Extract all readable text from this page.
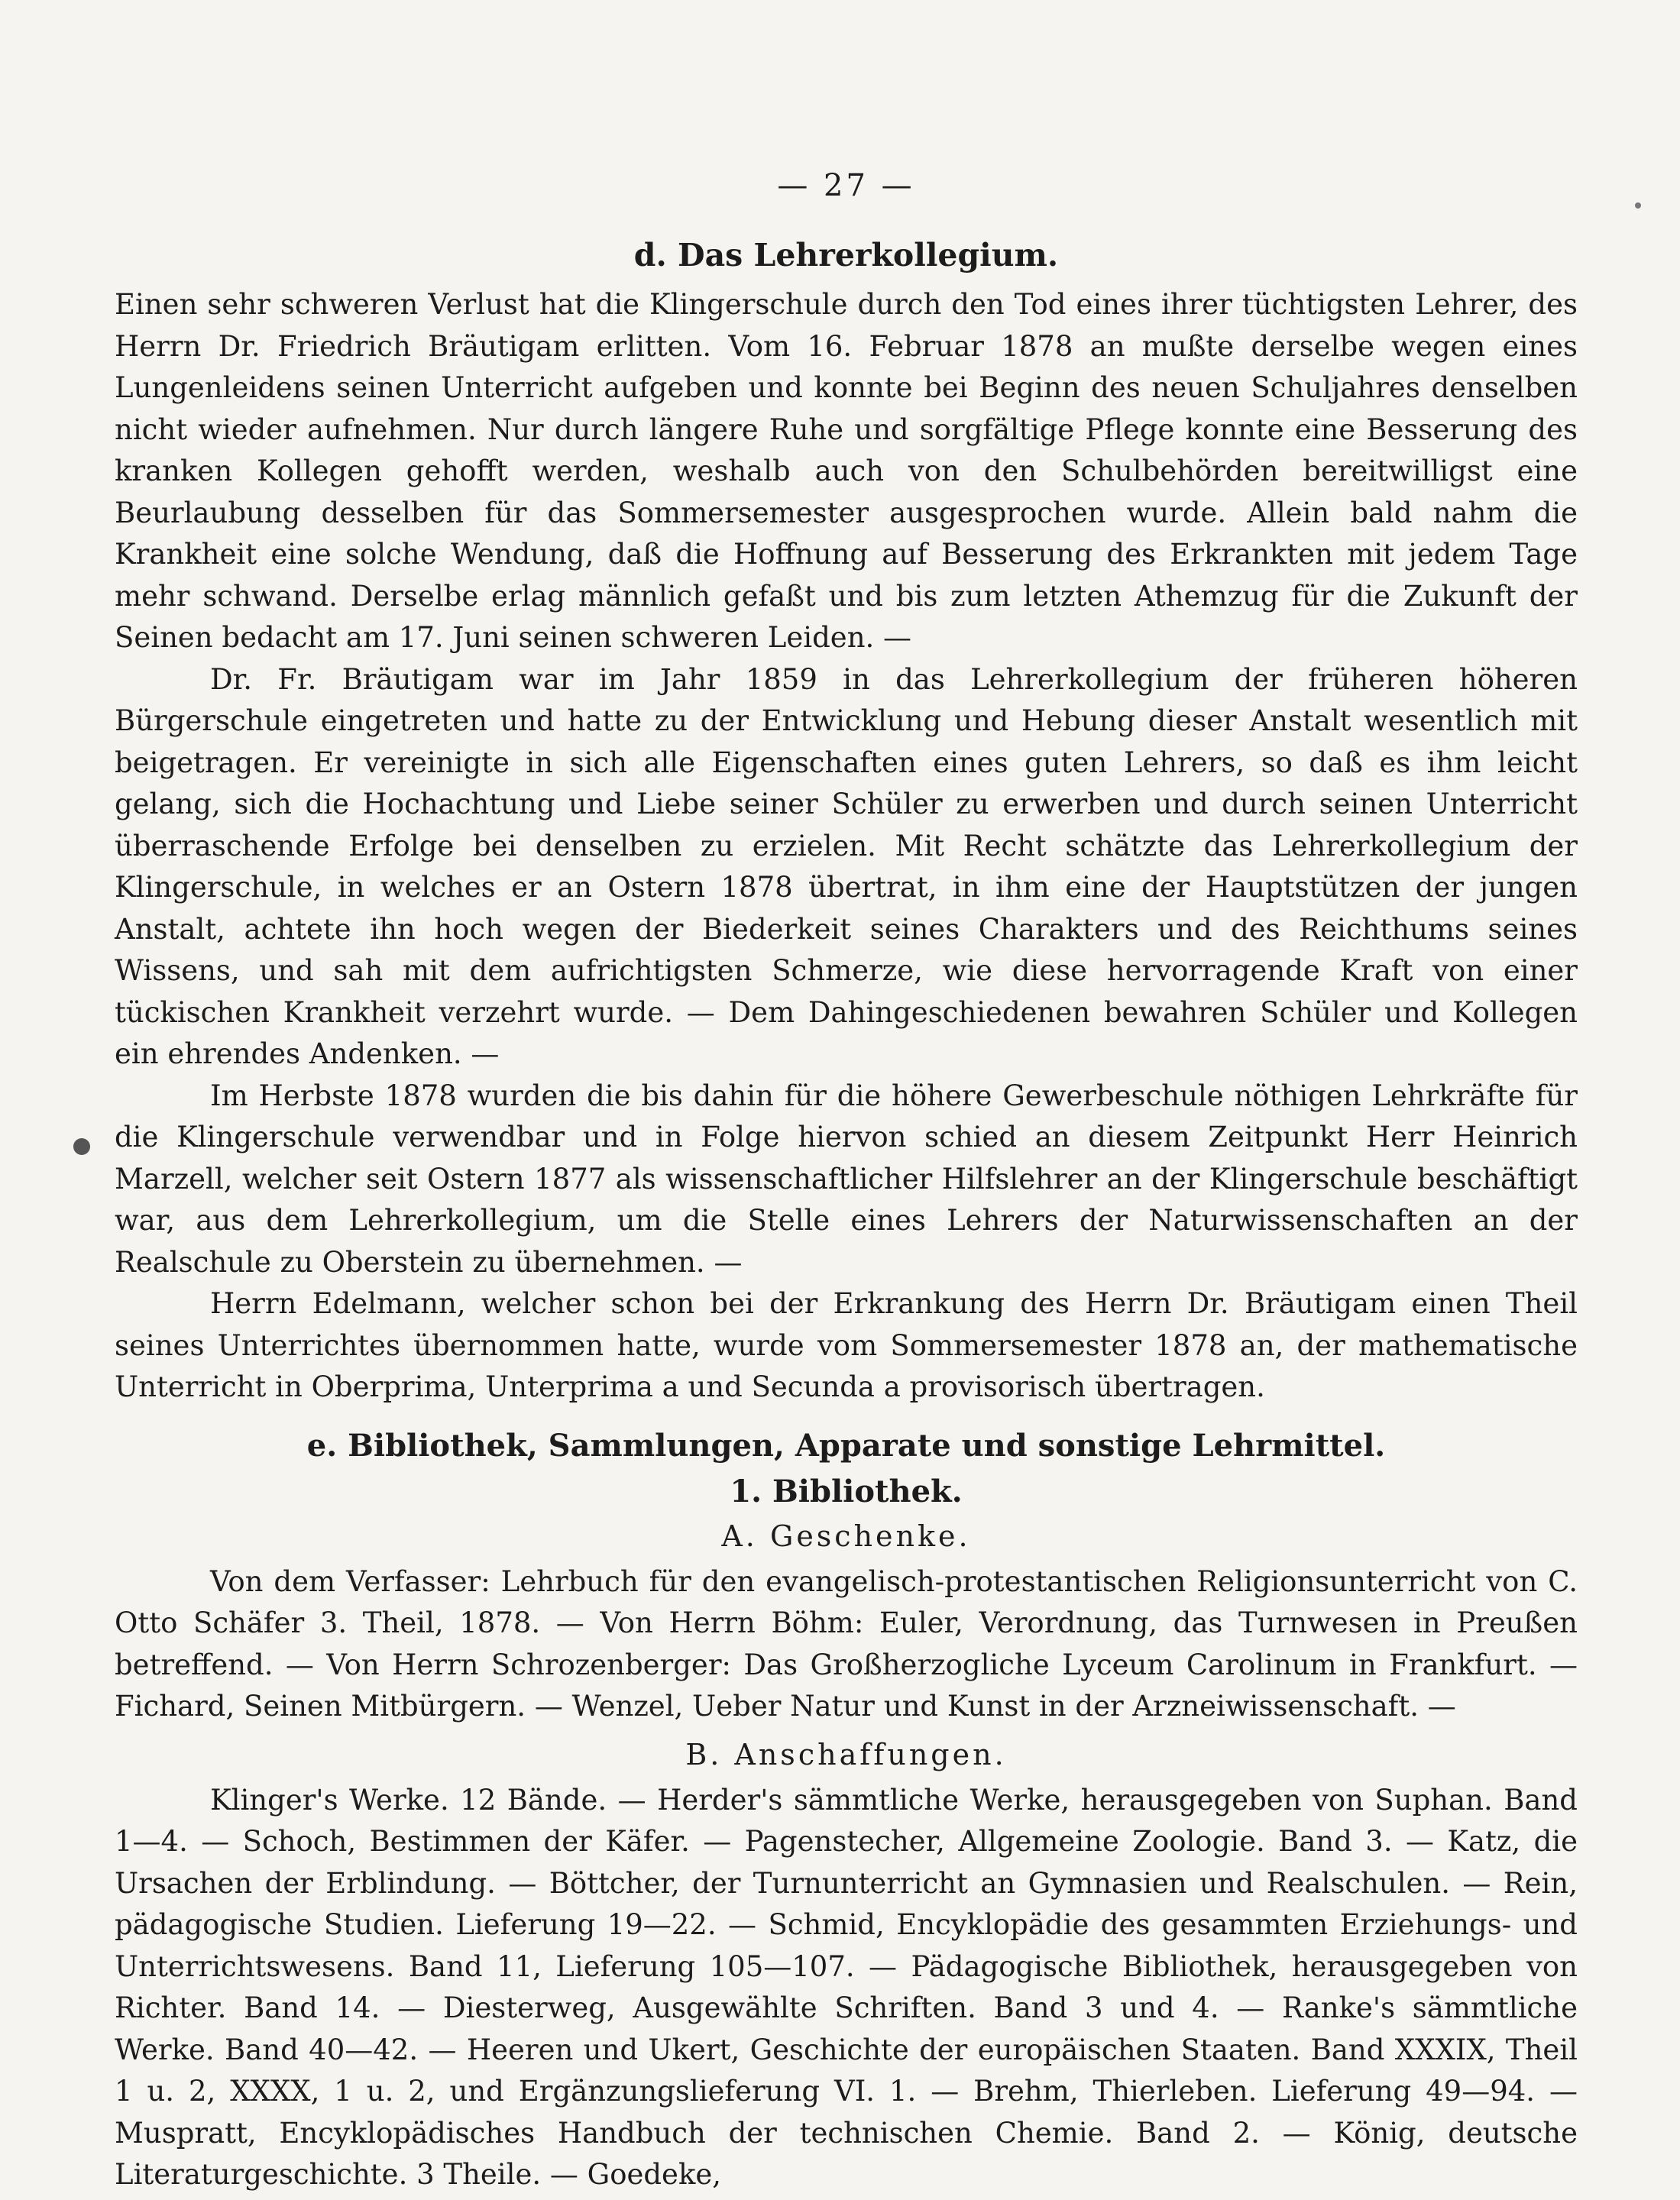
— 27 —
d. Das Lehrerkollegium.

Einen sehr schweren Verlust hat die Klingerschule durch den Tod eines ihrer tüchtigsten Lehrer, des Herrn Dr. Friedrich Bräutigam erlitten. Vom 16. Februar 1878 an mußte derselbe wegen eines Lungenleidens seinen Unterricht aufgeben und konnte bei Beginn des neuen Schuljahres denselben nicht wieder aufnehmen. Nur durch längere Ruhe und sorgfältige Pflege konnte eine Besserung des kranken Kollegen gehofft werden, weshalb auch von den Schulbehörden bereitwilligst eine Beurlaubung desselben für das Sommersemester ausgesprochen wurde. Allein bald nahm die Krankheit eine solche Wendung, daß die Hoffnung auf Besserung des Erkrankten mit jedem Tage mehr schwand. Derselbe erlag männlich gefaßt und bis zum letzten Athemzug für die Zukunft der Seinen bedacht am 17. Juni seinen schweren Leiden. —

Dr. Fr. Bräutigam war im Jahr 1859 in das Lehrerkollegium der früheren höheren Bürgerschule eingetreten und hatte zu der Entwicklung und Hebung dieser Anstalt wesentlich mit beigetragen. Er vereinigte in sich alle Eigenschaften eines guten Lehrers, so daß es ihm leicht gelang, sich die Hochachtung und Liebe seiner Schüler zu erwerben und durch seinen Unterricht überraschende Erfolge bei denselben zu erzielen. Mit Recht schätzte das Lehrerkollegium der Klingerschule, in welches er an Ostern 1878 übertrat, in ihm eine der Hauptstützen der jungen Anstalt, achtete ihn hoch wegen der Biederkeit seines Charakters und des Reichthums seines Wissens, und sah mit dem aufrichtigsten Schmerze, wie diese hervorragende Kraft von einer tückischen Krankheit verzehrt wurde. — Dem Dahingeschiedenen bewahren Schüler und Kollegen ein ehrendes Andenken. —

Im Herbste 1878 wurden die bis dahin für die höhere Gewerbeschule nöthigen Lehrkräfte für die Klingerschule verwendbar und in Folge hiervon schied an diesem Zeitpunkt Herr Heinrich Marzell, welcher seit Ostern 1877 als wissenschaftlicher Hilfslehrer an der Klingerschule beschäftigt war, aus dem Lehrerkollegium, um die Stelle eines Lehrers der Naturwissenschaften an der Realschule zu Oberstein zu übernehmen. —

Herrn Edelmann, welcher schon bei der Erkrankung des Herrn Dr. Bräutigam einen Theil seines Unterrichtes übernommen hatte, wurde vom Sommersemester 1878 an, der mathematische Unterricht in Oberprima, Unterprima a und Secunda a provisorisch übertragen.

e. Bibliothek, Sammlungen, Apparate und sonstige Lehrmittel.
1. Bibliothek.
A. Geschenke.

Von dem Verfasser: Lehrbuch für den evangelisch-protestantischen Religionsunterricht von C. Otto Schäfer 3. Theil, 1878. — Von Herrn Böhm: Euler, Verordnung, das Turnwesen in Preußen betreffend. — Von Herrn Schrozenberger: Das Großherzogliche Lyceum Carolinum in Frankfurt. — Fichard, Seinen Mitbürgern. — Wenzel, Ueber Natur und Kunst in der Arzneiwissenschaft. —

B. Anschaffungen.

Klinger's Werke. 12 Bände. — Herder's sämmtliche Werke, herausgegeben von Suphan. Band 1—4. — Schoch, Bestimmen der Käfer. — Pagenstecher, Allgemeine Zoologie. Band 3. — Katz, die Ursachen der Erblindung. — Böttcher, der Turnunterricht an Gymnasien und Realschulen. — Rein, pädagogische Studien. Lieferung 19—22. — Schmid, Encyklopädie des gesammten Erziehungs- und Unterrichtswesens. Band 11, Lieferung 105—107. — Pädagogische Bibliothek, herausgegeben von Richter. Band 14. — Diesterweg, Ausgewählte Schriften. Band 3 und 4. — Ranke's sämmtliche Werke. Band 40—42. — Heeren und Ukert, Geschichte der europäischen Staaten. Band XXXIX, Theil 1 u. 2, XXXX, 1 u. 2, und Ergänzungslieferung VI. 1. — Brehm, Thierleben. Lieferung 49—94. — Muspratt, Encyklopädisches Handbuch der technischen Chemie. Band 2. — König, deutsche Literaturgeschichte. 3 Theile. — Goedeke,
